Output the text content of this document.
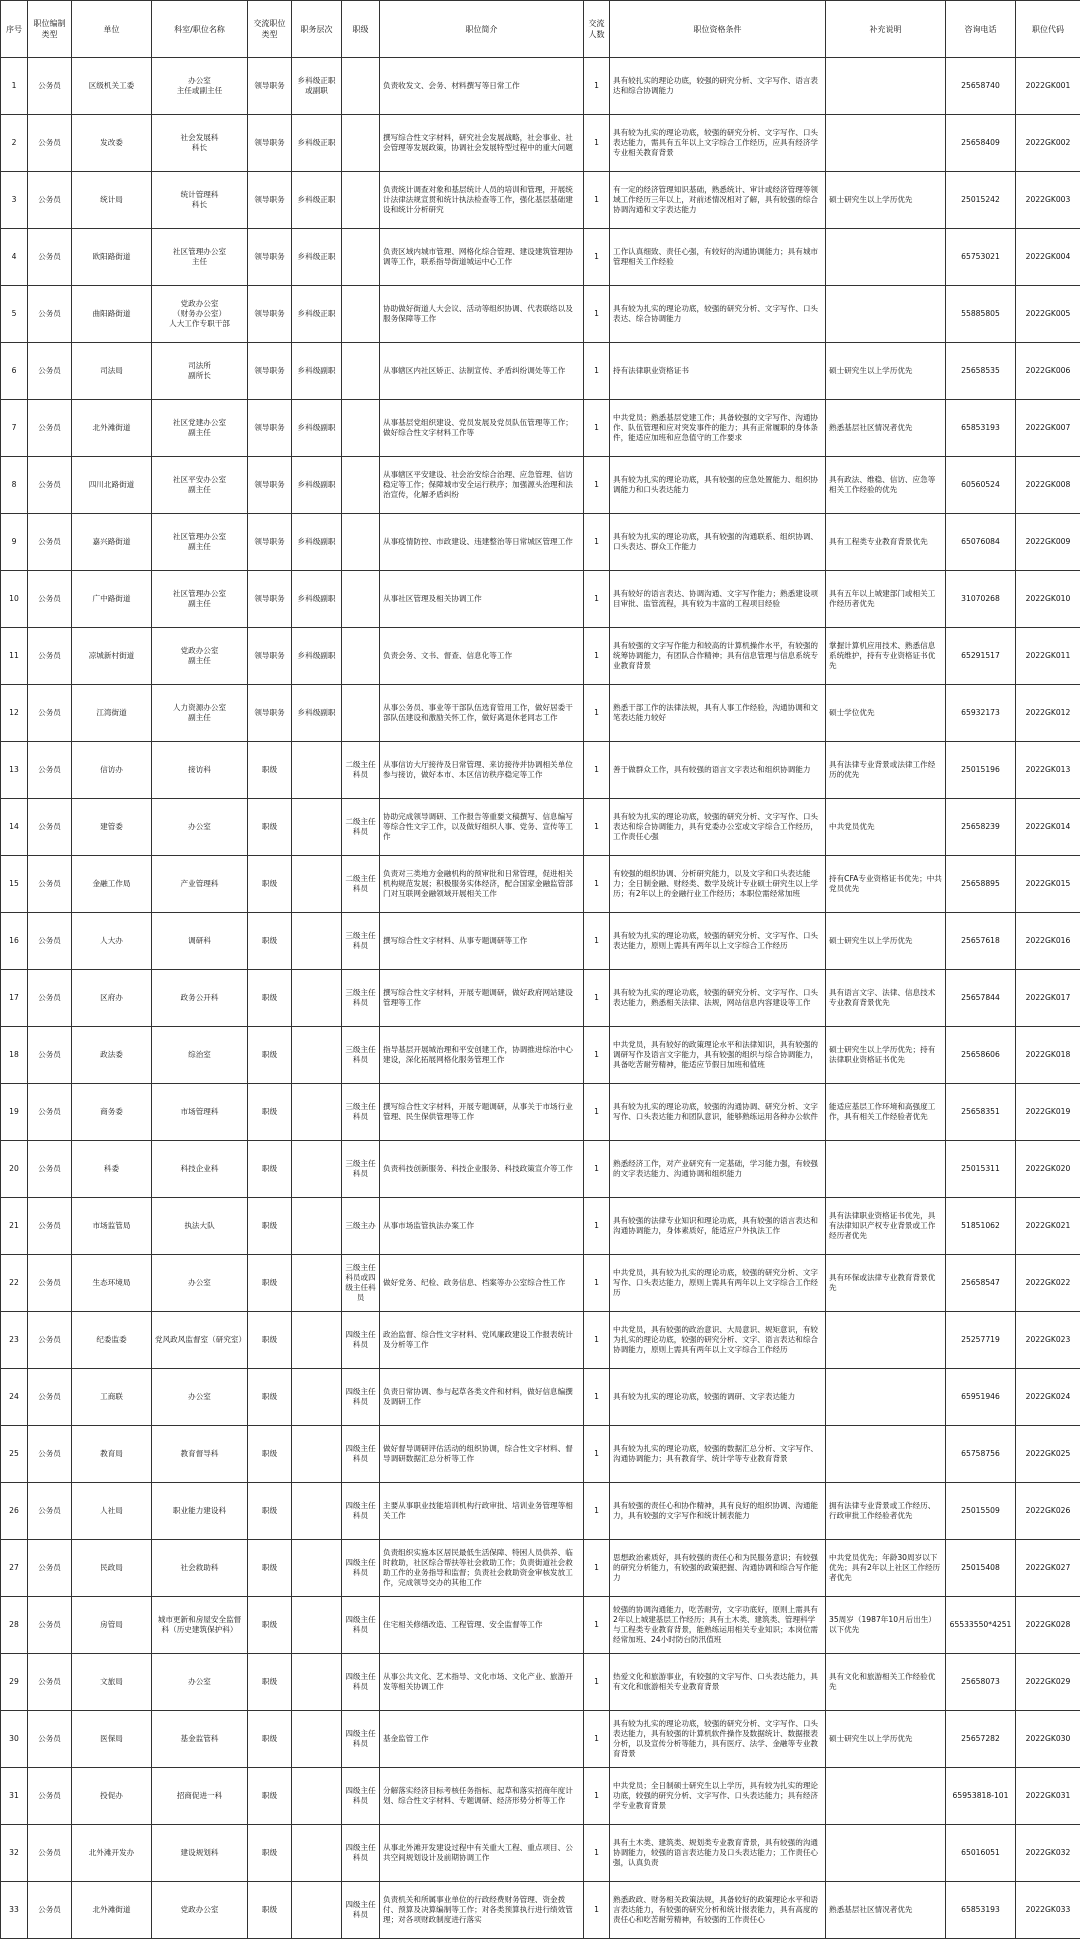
序号	职位编制类型	单位	科室/职位名称	交流职位类型	职务层次	职级	职位简介	交流人数	职位资格条件	补充说明	咨询电话	职位代码
1	公务员	区级机关工委	办公室
主任或副主任	领导职务	乡科级正职或副职		负责收发文、会务、材料撰写等日常工作	1	具有较扎实的理论功底，较强的研究分析、文字写作、语言表达和综合协调能力		25658740	2022GK001
2	公务员	发改委	社会发展科
科长	领导职务	乡科级正职		撰写综合性文字材料，研究社会发展战略，社会事业、社会管理等发展政策，协调社会发展特型过程中的重大问题	1	具有较为扎实的理论功底，较强的研究分析、文字写作、口头表达能力，需具有五年以上文字综合工作经历，应具有经济学专业相关教育背景		25658409	2022GK002
3	公务员	统计局	统计管理科
科长	领导职务	乡科级正职		负责统计调查对象和基层统计人员的培训和管理，开展统计法律法规宣贯和统计执法检查等工作，强化基层基础建设和统计分析研究	1	有一定的经济管理知识基础，熟悉统计、审计或经济管理等领域工作经历三年以上，对前述情况相对了解，具有较强的综合协调沟通和文字表达能力	硕士研究生以上学历优先	25015242	2022GK003
4	公务员	欧阳路街道	社区管理办公室
主任	领导职务	乡科级正职		负责区域内城市管理、网格化综合管理、建设建筑管理协调等工作，联系指导街道城运中心工作	1	工作认真细致、责任心强，有较好的沟通协调能力；具有城市管理相关工作经验		65753021	2022GK004
5	公务员	曲阳路街道	党政办公室
（财务办公室）
人大工作专职干部	领导职务	乡科级正职		协助做好街道人大会议、活动等组织协调、代表联络以及服务保障等工作	1	具有较为扎实的理论功底，较强的研究分析、文字写作、口头表达、综合协调能力		55885805	2022GK005
6	公务员	司法局	司法所
副所长	领导职务	乡科级副职		从事辖区内社区矫正、法制宣传、矛盾纠纷调处等工作	1	持有法律职业资格证书	硕士研究生以上学历优先	25658535	2022GK006
7	公务员	北外滩街道	社区党建办公室
副主任	领导职务	乡科级副职		从事基层党组织建设、党员发展及党员队伍管理等工作；做好综合性文字材料工作等	1	中共党员；熟悉基层党建工作；具备较强的文字写作、沟通协作、队伍管理和应对突发事件的能力；具有正常履职的身体条件，能适应加班和应急值守的工作要求	熟悉基层社区情况者优先	65853193	2022GK007
8	公务员	四川北路街道	社区平安办公室
副主任	领导职务	乡科级副职		从事辖区平安建设、社会治安综合治理、应急管理、信访稳定等工作；保障城市安全运行秩序；加强源头治理和法治宣传，化解矛盾纠纷	1	具有较为扎实的理论功底，具有较强的应急处置能力、组织协调能力和口头表达能力	具有政法、维稳、信访、应急等相关工作经验的优先	60560524	2022GK008
9	公务员	嘉兴路街道	社区管理办公室
副主任	领导职务	乡科级副职		从事疫情防控、市政建设、违建整治等日常城区管理工作	1	具有较为扎实的理论功底，具有较强的沟通联系、组织协调、口头表达、群众工作能力	具有工程类专业教育背景优先	65076084	2022GK009
10	公务员	广中路街道	社区管理办公室
副主任	领导职务	乡科级副职		从事社区管理及相关协调工作	1	具有较好的语言表达、协调沟通、文字写作能力；熟悉建设项目审批、监管流程，具有较为丰富的工程项目经验	具有五年以上城建部门或相关工作经历者优先	31070268	2022GK010
11	公务员	凉城新村街道	党政办公室
副主任	领导职务	乡科级副职		负责会务、文书、督查、信息化等工作	1	具有较强的文字写作能力和较高的计算机操作水平，有较强的统筹协调能力，有团队合作精神；具有信息管理与信息系统专业教育背景	掌握计算机应用技术、熟悉信息系统维护，持有专业资格证书优先	65291517	2022GK011
12	公务员	江湾街道	人力资源办公室
副主任	领导职务	乡科级副职		从事公务员、事业等干部队伍选育管用工作，做好居委干部队伍建设和激励关怀工作，做好离退休老同志工作	1	熟悉干部工作的法律法规，具有人事工作经验，沟通协调和文笔表达能力较好	硕士学位优先	65932173	2022GK012
13	公务员	信访办	接访科	职级		二级主任科员	从事信访大厅接待及日常管理、来访接待并协调相关单位参与接访，做好本市、本区信访秩序稳定等工作	1	善于做群众工作，具有较强的语言文字表达和组织协调能力	具有法律专业背景或法律工作经历的优先	25015196	2022GK013
14	公务员	建管委	办公室	职级		二级主任科员	协助完成领导调研、工作报告等重要文稿撰写、信息编写等综合性文字工作，以及做好组织人事、党务、宣传等工作	1	具有较为扎实的理论功底，较强的研究分析、文字写作、口头表达和综合协调能力，具有党委办公室或文字综合工作经历，工作责任心强	中共党员优先	25658239	2022GK014
15	公务员	金融工作局	产业管理科	职级		二级主任科员	负责对三类地方金融机构的预审批和日常管理，促进相关机构规范发展；积极服务实体经济，配合国家金融监管部门对互联网金融领域开展相关工作	1	有较强的组织协调、分析研究能力，以及文字和口头表达能力；全日制金融、财经类、数学及统计专业硕士研究生以上学历；有2年以上的金融行业工作经历；本职位需经常加班	持有CFA专业资格证书优先；中共党员优先	25658895	2022GK015
16	公务员	人大办	调研科	职级		三级主任科员	撰写综合性文字材料、从事专题调研等工作	1	具有较为扎实的理论功底，较强的研究分析、文字写作、口头表达能力，原则上需具有两年以上文字综合工作经历	硕士研究生以上学历优先	25657618	2022GK016
17	公务员	区府办	政务公开科	职级		三级主任科员	撰写综合性文字材料，开展专题调研，做好政府网站建设管理等工作	1	具有较为扎实的理论功底，较强的研究分析、文字写作、口头表达能力，熟悉相关法律、法规，网站信息内容建设等工作	具有语言文字、法律、信息技术专业教育背景优先	25657844	2022GK017
18	公务员	政法委	综治室	职级		三级主任科员	指导基层开展城治理和平安创建工作，协调推进综治中心建设，深化拓展网格化服务管理工作	1	中共党员，具有较好的政策理论水平和法律知识，具有较强的调研写作及语言文字能力，具有较强的组织与综合协调能力，具备吃苦耐劳精神，能适应节假日加班和值班	硕士研究生以上学历优先；持有法律职业资格证书优先	25658606	2022GK018
19	公务员	商务委	市场管理科	职级		三级主任科员	撰写综合性文字材料，开展专题调研，从事关于市场行业管理、民生保供管理等工作	1	具有较为扎实的理论功底，较强的沟通协调、研究分析、文字写作、口头表达能力和团队意识，能够熟练运用各种办公软件	能适应基层工作环境和高强度工作，具有相关工作经验者优先	25658351	2022GK019
20	公务员	科委	科技企业科	职级		三级主任科员	负责科技创新服务、科技企业服务、科技政策宣介等工作	1	熟悉经济工作，对产业研究有一定基础，学习能力强，有较强的文字表达能力、沟通协调和组织能力		25015311	2022GK020
21	公务员	市场监管局	执法大队	职级		三级主办	从事市场监管执法办案工作	1	具有较强的法律专业知识和理论功底，具有较强的语言表达和沟通协调能力，身体素质好，能适应户外执法工作	具有法律职业资格证书优先，具有法律知识产权专业背景或工作经历者优先	51851062	2022GK021
22	公务员	生态环境局	办公室	职级		三级主任科员或四级主任科员	做好党务、纪检、政务信息、档案等办公室综合性工作	1	中共党员，具有较为扎实的理论功底，较强的研究分析、文字写作、口头表达能力，原则上需具有两年以上文字综合工作经历	具有环保或法律专业教育背景优先	25658547	2022GK022
23	公务员	纪委监委	党风政风监督室（研究室）	职级		四级主任科员	政治监督、综合性文字材料、党风廉政建设工作报表统计及分析等工作	1	中共党员，具有较强的政治意识、大局意识、规矩意识，有较为扎实的理论功底，较强的研究分析、文字、语言表达和综合协调能力，原则上需具有两年以上文字综合工作经历		25257719	2022GK023
24	公务员	工商联	办公室	职级		四级主任科员	负责日常协调、参与起草各类文件和材料，做好信息编撰及调研工作	1	具有较为扎实的理论功底，较强的调研、文字表达能力		65951946	2022GK024
25	公务员	教育局	教育督导科	职级		四级主任科员	做好督导调研评估活动的组织协调，综合性文字材料、督导调研数据汇总分析等工作	1	具有较为扎实的理论功底，较强的数据汇总分析、文字写作、沟通协调能力；具有教育学、统计学等专业教育背景		65758756	2022GK025
26	公务员	人社局	职业能力建设科	职级		四级主任科员	主要从事职业技能培训机构行政审批、培训业务管理等相关工作	1	具有较强的责任心和协作精神，具有良好的组织协调、沟通能力，具有较强的文字写作和统计制表能力	拥有法律专业背景或工作经历、行政审批工作经验者优先	25015509	2022GK026
27	公务员	民政局	社会救助科	职级		四级主任科员	负责组织实施本区居民最低生活保障、特困人员供养、临时救助，社区综合帮扶等社会救助工作；负责街道社会救助工作的业务指导和监督；负责社会救助资金审核发放工作，完成领导交办的其他工作	1	思想政治素质好，具有较强的责任心和为民服务意识；有较强的研究分析能力，有较强的政策把握、沟通协调和综合写作能力	中共党员优先；年龄30周岁以下优先；具有2年以上社区工作经历者优先	25015408	2022GK027
28	公务员	房管局	城市更新和房屋安全监督科（历史建筑保护科）	职级		四级主任科员	住宅相关修缮改造、工程管理、安全监督等工作	1	较强的协调沟通能力，吃苦耐劳，文字功底好，原则上需具有2年以上城建基层工作经历；具有土木类、建筑类、管理科学与工程类专业教育背景，能熟练运用相关专业知识；本岗位需经常加班、24小时防台防汛值班	35周岁（1987年10月后出生）以下优先	65533550*4251	2022GK028
29	公务员	文旅局	办公室	职级		四级主任科员	从事公共文化、艺术指导、文化市场、文化产业、旅游开发等相关协调工作	1	热爱文化和旅游事业，有较强的文字写作、口头表达能力，具有文化和旅游相关专业教育背景	具有文化和旅游相关工作经验优先	25658073	2022GK029
30	公务员	医保局	基金监管科	职级		四级主任科员	基金监管工作	1	具有较为扎实的理论功底，较强的研究分析、文字写作、口头表达能力，具有较强的计算机软件操作及数据统计、数据报表分析，以及宣传分析等能力，具有医疗、法学、金融等专业教育背景	硕士研究生以上学历优先	25657282	2022GK030
31	公务员	投促办	招商促进一科	职级		四级主任科员	分解落实经济目标考核任务指标、起草和落实招商年度计划、综合性文字材料、专题调研、经济形势分析等工作	1	中共党员；全日制硕士研究生以上学历，具有较为扎实的理论功底，较强的研究分析、文字写作、口头表达能力；具有经济学专业教育背景		65953818-101	2022GK031
32	公务员	北外滩开发办	建设规划科	职级		四级主任科员	从事北外滩开发建设过程中有关重大工程、重点项目、公共空间规划设计及前期协调工作	1	具有土木类、建筑类、规划类专业教育背景，具有较强的沟通协调能力，较强的语言表达能力及口头表达能力；工作责任心强，认真负责		65016051	2022GK032
33	公务员	北外滩街道	党政办公室	职级		四级主任科员	负责机关和所属事业单位的行政经费财务管理、资金拨付、预算及决算编制等工作；对各类预算执行进行绩效管理；对各项财政制度进行落实	1	熟悉政政、财务相关政策法规，具备较好的政策理论水平和语言表达能力，有较强的研究分析和统计报表能力，具有高度的责任心和吃苦耐劳精神，有较强的工作责任心	熟悉基层社区情况者优先	65853193	2022GK033
